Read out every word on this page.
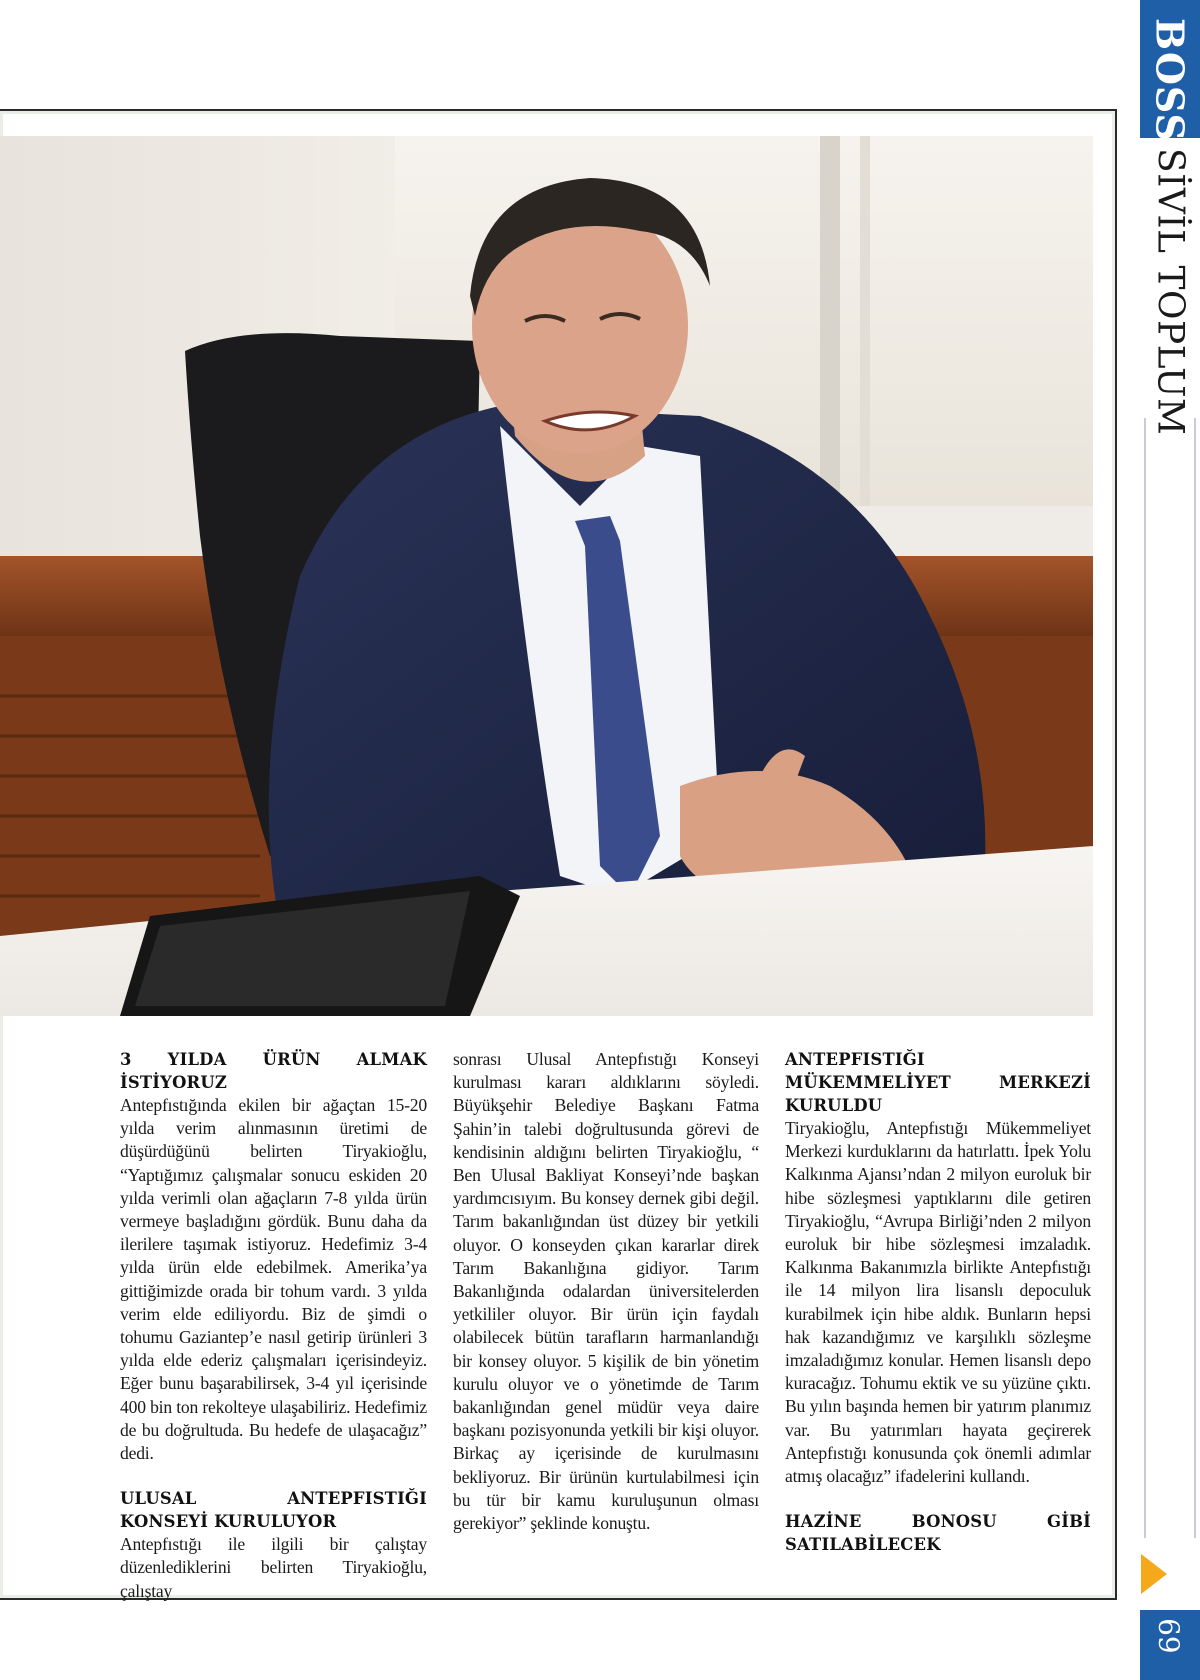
3 YILDA ÜRÜN ALMAK İSTİYORUZ

Antepfıstığında ekilen bir ağaçtan 15-20 yılda verim alınmasının üretimi de düşürdüğünü belirten Tiryakioğlu, “Yaptığımız çalışmalar sonucu eskiden 20 yılda verimli olan ağaçların 7-8 yılda ürün vermeye başladığını gördük. Bunu daha da ilerilere taşımak istiyoruz. Hedefimiz 3-4 yılda ürün elde edebilmek. Amerika’ya gittiğimizde orada bir tohum vardı. 3 yılda verim elde ediliyordu. Biz de şimdi o tohumu Gaziantep’e nasıl getirip ürünleri 3 yılda elde ederiz çalışmaları içerisindeyiz. Eğer bunu başarabilirsek, 3-4 yıl içerisinde 400 bin ton rekolteye ulaşabiliriz. Hedefimiz de bu doğrultuda. Bu hedefe de ulaşacağız” dedi.

ULUSAL ANTEPFISTIĞI KONSEYİ KURULUYOR

Antepfıstığı ile ilgili bir çalıştay düzenlediklerini belirten Tiryakioğlu, çalıştay

sonrası Ulusal Antepfıstığı Konseyi kurulması kararı aldıklarını söyledi. Büyükşehir Belediye Başkanı Fatma Şahin’in talebi doğrultusunda görevi de kendisinin aldığını belirten Tiryakioğlu, “ Ben Ulusal Bakliyat Konseyi’nde başkan yardımcısıyım. Bu konsey dernek gibi değil. Tarım bakanlığından üst düzey bir yetkili oluyor. O konseyden çıkan kararlar direk Tarım Bakanlığına gidiyor. Tarım Bakanlığında odalardan üniversitelerden yetkililer oluyor. Bir ürün için faydalı olabilecek bütün tarafların harmanlandığı bir konsey oluyor. 5 kişilik de bin yönetim kurulu oluyor ve o yönetimde de Tarım bakanlığından genel müdür veya daire başkanı pozisyonunda yetkili bir kişi oluyor. Birkaç ay içerisinde de kurulmasını bekliyoruz. Bir ürünün kurtulabilmesi için bu tür bir kamu kuruluşunun olması gerekiyor” şeklinde konuştu.

ANTEPFISTIĞI MÜKEMMELİYET MERKEZİ KURULDU

Tiryakioğlu, Antepfıstığı Mükemmeliyet Merkezi kurduklarını da hatırlattı. İpek Yolu Kalkınma Ajansı’ndan 2 milyon euroluk bir hibe sözleşmesi yaptıklarını dile getiren Tiryakioğlu, “Avrupa Birliği’nden 2 milyon euroluk bir hibe sözleşmesi imzaladık. Kalkınma Bakanımızla birlikte Antepfıstığı ile 14 milyon lira lisanslı depoculuk kurabilmek için hibe aldık. Bunların hepsi hak kazandığımız ve karşılıklı sözleşme imzaladığımız konular. Hemen lisanslı depo kuracağız. Tohumu ektik ve su yüzüne çıktı. Bu yılın başında hemen bir yatırım planımız var. Bu yatırımları hayata geçirerek Antepfıstığı konusunda çok önemli adımlar atmış olacağız” ifadelerini kullandı.

HAZİNE BONOSU GİBİ SATILABİLECEK
BOSS
SİVİL TOPLUM
69
